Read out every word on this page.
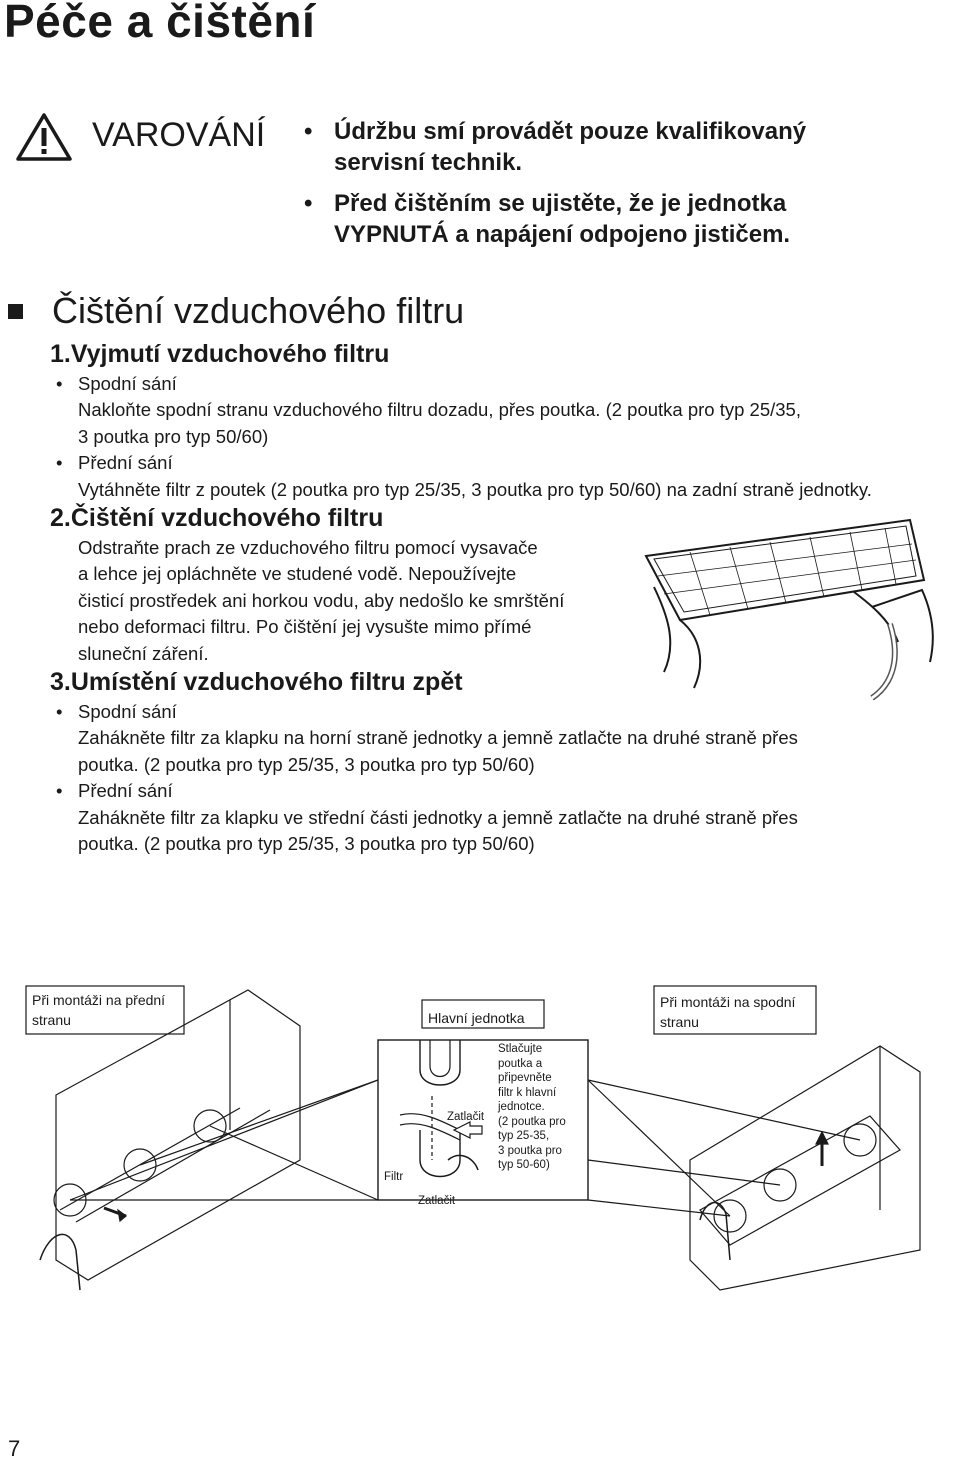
Péče a čištění
VAROVÁNÍ • Údržbu smí provádět pouze kvalifikovaný
servisní technik.
• Před čištěním se ujistěte, že je jednotka
VYPNUTÁ a napájení odpojeno jističem.
Čištění vzduchového filtru
1.Vyjmutí vzduchového filtru
• Spodní sání
Nakloňte spodní stranu vzduchového filtru dozadu, přes poutka. (2 poutka pro typ 25/35,
3 poutka pro typ 50/60)
• Přední sání
Vytáhněte filtr z poutek (2 poutka pro typ 25/35, 3 poutka pro typ 50/60) na zadní straně jednotky.
2.Čištění vzduchového filtru
Odstraňte prach ze vzduchového filtru pomocí vysavače
a lehce jej opláchněte ve studené vodě. Nepoužívejte
čisticí prostředek ani horkou vodu, aby nedošlo ke smrštění
nebo deformaci filtru. Po čištění jej vysušte mimo přímé
sluneční záření.
3.Umístění vzduchového filtru zpět
• Spodní sání
Zahákněte filtr za klapku na horní straně jednotky a jemně zatlačte na druhé straně přes
poutka. (2 poutka pro typ 25/35, 3 poutka pro typ 50/60)
• Přední sání
Zahákněte filtr za klapku ve střední části jednotky a jemně zatlačte na druhé straně přes
poutka. (2 poutka pro typ 25/35, 3 poutka pro typ 50/60)
Při montáži na přední
stranu	Hlavní jednotka
Při montáži na spodní
stranu
Zatlačit
Filtr
Zatlačit
Stlačujte
poutka a
připevněte
filtr k hlavní
jednotce.
(2 poutka pro
typ 25-35,
3 poutka pro
typ 50-60)
7
